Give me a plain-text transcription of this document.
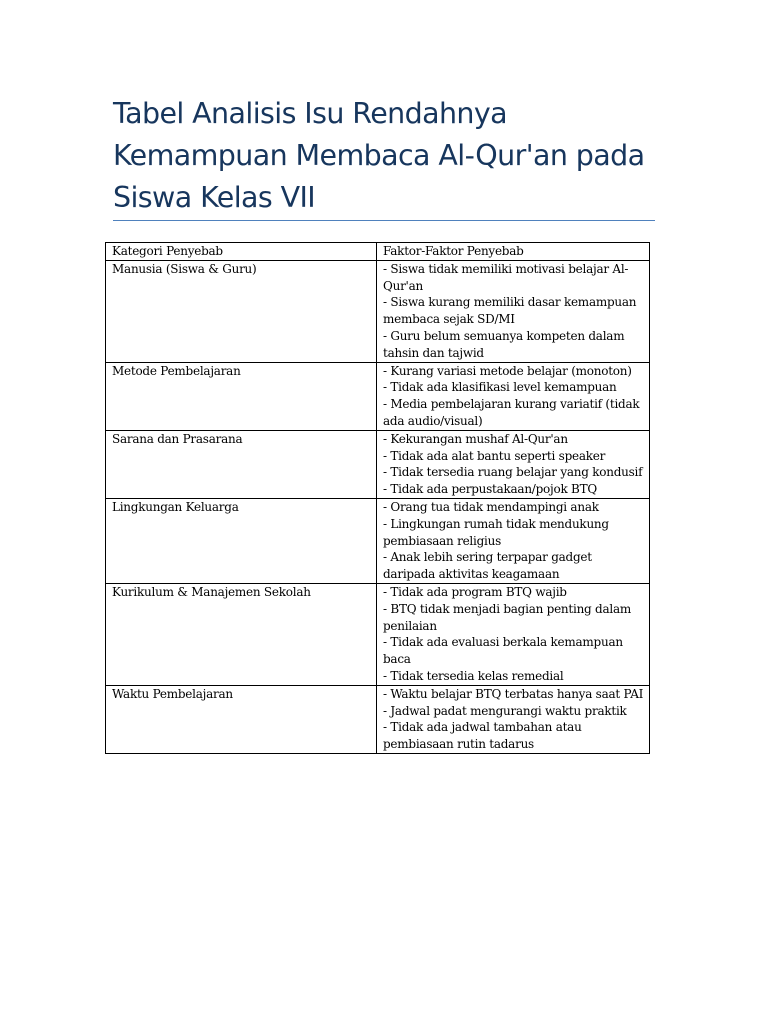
Tabel Analisis Isu Rendahnya
Kemampuan Membaca Al-Qur'an pada
Siswa Kelas VII
Kategori Penyebab	Faktor-Faktor Penyebab
Manusia (Siswa & Guru)	- Siswa tidak memiliki motivasi belajar Al-Qur'an
- Siswa kurang memiliki dasar kemampuan membaca sejak SD/MI
- Guru belum semuanya kompeten dalam tahsin dan tajwid

Metode Pembelajaran	- Kurang variasi metode belajar (monoton)
- Tidak ada klasifikasi level kemampuan
- Media pembelajaran kurang variatif (tidak ada audio/visual)

Sarana dan Prasarana	- Kekurangan mushaf Al-Qur'an
- Tidak ada alat bantu seperti speaker
- Tidak tersedia ruang belajar yang kondusif
- Tidak ada perpustakaan/pojok BTQ

Lingkungan Keluarga	- Orang tua tidak mendampingi anak
- Lingkungan rumah tidak mendukung pembiasaan religius
- Anak lebih sering terpapar gadget daripada aktivitas keagamaan

Kurikulum & Manajemen Sekolah	- Tidak ada program BTQ wajib
- BTQ tidak menjadi bagian penting dalam penilaian
- Tidak ada evaluasi berkala kemampuan baca
- Tidak tersedia kelas remedial

Waktu Pembelajaran	- Waktu belajar BTQ terbatas hanya saat PAI
- Jadwal padat mengurangi waktu praktik
- Tidak ada jadwal tambahan atau pembiasaan rutin tadarus
